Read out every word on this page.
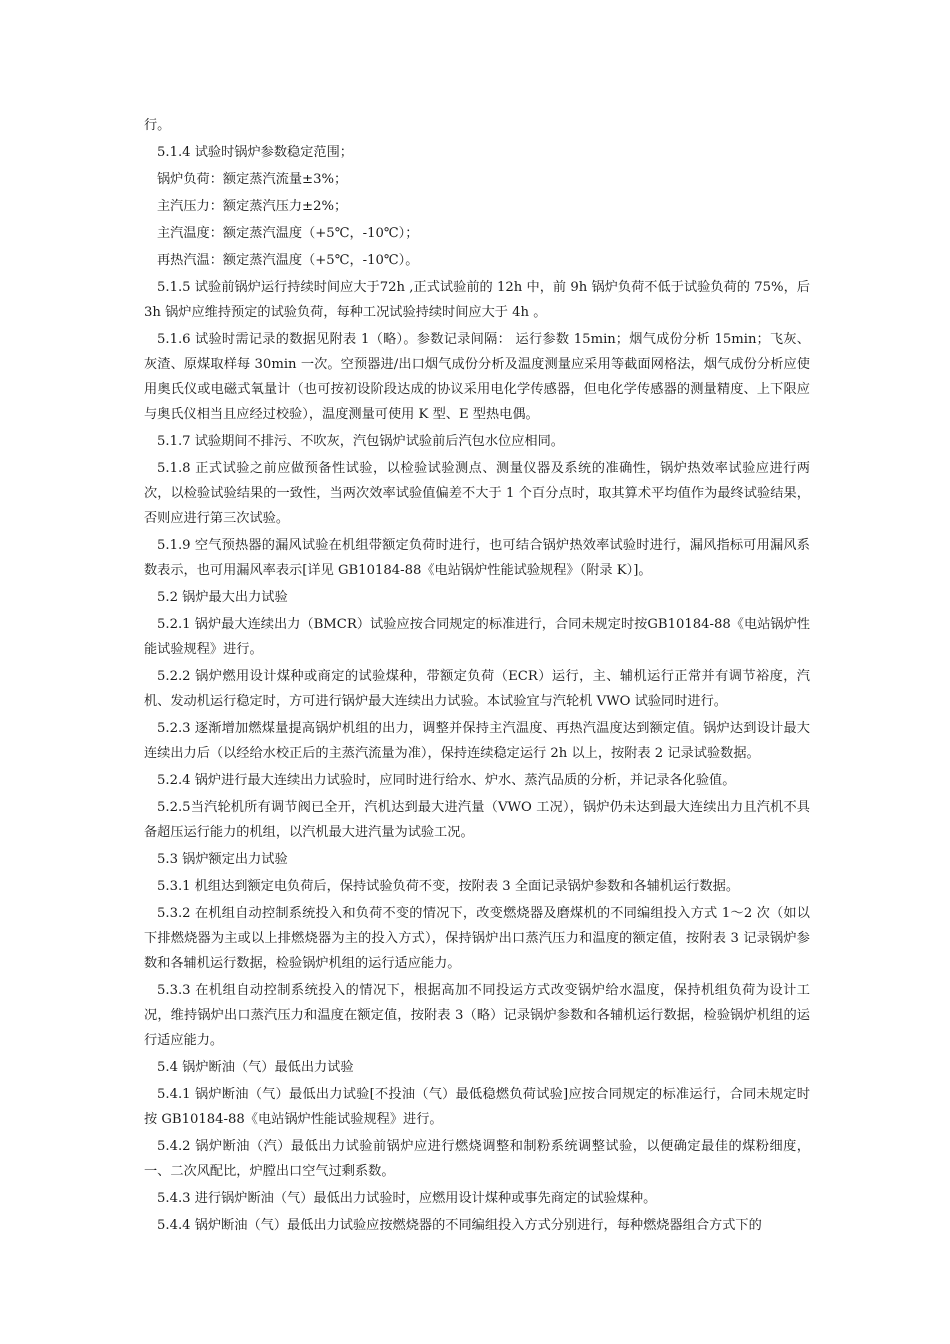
行。

5.1.4 试验时锅炉参数稳定范围；

锅炉负荷：额定蒸汽流量±3%；

主汽压力：额定蒸汽压力±2%；

主汽温度：额定蒸汽温度（+5℃，-10℃）；

再热汽温：额定蒸汽温度（+5℃，-10℃）。

5.1.5 试验前锅炉运行持续时间应大于72h ,正式试验前的 12h 中，前 9h 锅炉负荷不低于试验负荷的 75%，后 3h 锅炉应维持预定的试验负荷，每种工况试验持续时间应大于 4h 。

5.1.6 试验时需记录的数据见附表 1（略）。参数记录间隔： 运行参数 15min；烟气成份分析 15min；飞灰、灰渣、原煤取样每 30min 一次。空预器进/出口烟气成份分析及温度测量应采用等截面网格法，烟气成份分析应使用奥氏仪或电磁式氧量计（也可按初设阶段达成的协议采用电化学传感器，但电化学传感器的测量精度、上下限应与奥氏仪相当且应经过校验），温度测量可使用 K 型、E 型热电偶。

5.1.7 试验期间不排污、不吹灰，汽包锅炉试验前后汽包水位应相同。

5.1.8 正式试验之前应做预备性试验，以检验试验测点、测量仪器及系统的准确性，锅炉热效率试验应进行两次，以检验试验结果的一致性，当两次效率试验值偏差不大于 1 个百分点时，取其算术平均值作为最终试验结果，否则应进行第三次试验。

5.1.9 空气预热器的漏风试验在机组带额定负荷时进行，也可结合锅炉热效率试验时进行，漏风指标可用漏风系数表示，也可用漏风率表示[详见 GB10184-88《电站锅炉性能试验规程》（附录 K）]。

5.2 锅炉最大出力试验

5.2.1 锅炉最大连续出力（BMCR）试验应按合同规定的标准进行，合同未规定时按GB10184-88《电站锅炉性能试验规程》进行。

5.2.2 锅炉燃用设计煤种或商定的试验煤种，带额定负荷（ECR）运行，主、辅机运行正常并有调节裕度，汽机、发动机运行稳定时，方可进行锅炉最大连续出力试验。本试验宜与汽轮机 VWO 试验同时进行。

5.2.3 逐渐增加燃煤量提高锅炉机组的出力，调整并保持主汽温度、再热汽温度达到额定值。锅炉达到设计最大连续出力后（以经给水校正后的主蒸汽流量为准），保持连续稳定运行 2h 以上，按附表 2 记录试验数据。

5.2.4 锅炉进行最大连续出力试验时，应同时进行给水、炉水、蒸汽品质的分析，并记录各化验值。

5.2.5当汽轮机所有调节阀已全开，汽机达到最大进汽量（VWO 工况），锅炉仍未达到最大连续出力且汽机不具备超压运行能力的机组，以汽机最大进汽量为试验工况。

5.3 锅炉额定出力试验

5.3.1 机组达到额定电负荷后，保持试验负荷不变，按附表 3 全面记录锅炉参数和各辅机运行数据。

5.3.2 在机组自动控制系统投入和负荷不变的情况下，改变燃烧器及磨煤机的不同编组投入方式 1～2 次（如以下排燃烧器为主或以上排燃烧器为主的投入方式），保持锅炉出口蒸汽压力和温度的额定值，按附表 3 记录锅炉参数和各辅机运行数据，检验锅炉机组的运行适应能力。

5.3.3 在机组自动控制系统投入的情况下，根据高加不同投运方式改变锅炉给水温度，保持机组负荷为设计工况，维持锅炉出口蒸汽压力和温度在额定值，按附表 3（略）记录锅炉参数和各辅机运行数据，检验锅炉机组的运行适应能力。

5.4 锅炉断油（气）最低出力试验

5.4.1 锅炉断油（气）最低出力试验[不投油（气）最低稳燃负荷试验]应按合同规定的标准运行，合同未规定时按 GB10184-88《电站锅炉性能试验规程》进行。

5.4.2 锅炉断油（汽）最低出力试验前锅炉应进行燃烧调整和制粉系统调整试验，以便确定最佳的煤粉细度，一、二次风配比，炉膛出口空气过剩系数。

5.4.3 进行锅炉断油（气）最低出力试验时，应燃用设计煤种或事先商定的试验煤种。

5.4.4 锅炉断油（气）最低出力试验应按燃烧器的不同编组投入方式分别进行，每种燃烧器组合方式下的
